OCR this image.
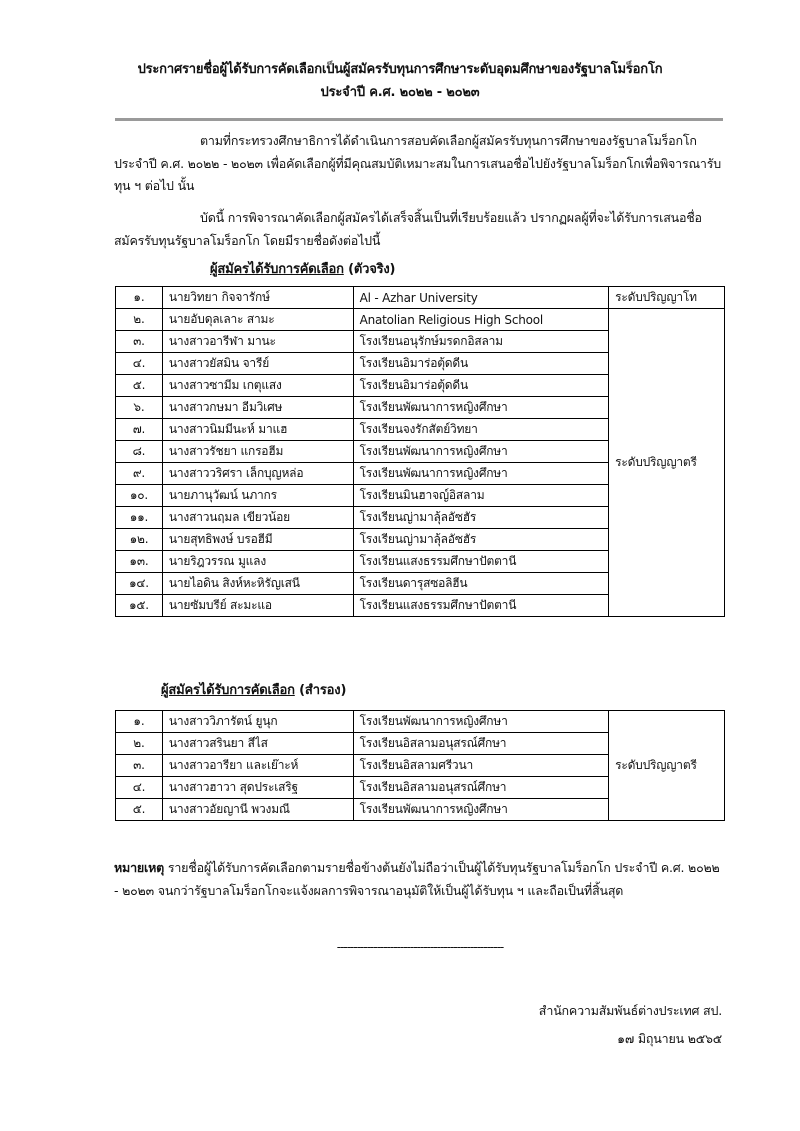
ประกาศรายชื่อผู้ได้รับการคัดเลือกเป็นผู้สมัครรับทุนการศึกษาระดับอุดมศึกษาของรัฐบาลโมร็อกโก
ประจำปี ค.ศ. ๒๐๒๒ - ๒๐๒๓
ตามที่กระทรวงศึกษาธิการได้ดำเนินการสอบคัดเลือกผู้สมัครรับทุนการศึกษาของรัฐบาลโมร็อกโก ประจำปี ค.ศ. ๒๐๒๒ - ๒๐๒๓ เพื่อคัดเลือกผู้ที่มีคุณสมบัติเหมาะสมในการเสนอชื่อไปยังรัฐบาลโมร็อกโกเพื่อพิจารณารับทุน ฯ ต่อไป นั้น
บัดนี้ การพิจารณาคัดเลือกผู้สมัครได้เสร็จสิ้นเป็นที่เรียบร้อยแล้ว ปรากฏผลผู้ที่จะได้รับการเสนอชื่อสมัครรับทุนรัฐบาลโมร็อกโก โดยมีรายชื่อดังต่อไปนี้
ผู้สมัครได้รับการคัดเลือก (ตัวจริง)
๑.	นายวิทยา กิจจารักษ์	Al - Azhar University	ระดับปริญญาโท
๒.	นายอับดุลเลาะ สามะ	Anatolian Religious High School	ระดับปริญญาตรี
๓.	นางสาวอารีฬา มานะ	โรงเรียนอนุรักษ์มรดกอิสลาม	
๔.	นางสาวยัสมิน จารีย์	โรงเรียนอิมาร่อตุ้ดดีน	
๕.	นางสาวซามีม เกตุแสง	โรงเรียนอิมาร่อตุ้ดดีน	
๖.	นางสาวกษมา อีมวิเศษ	โรงเรียนพัฒนาการหญิงศึกษา	
๗.	นางสาวนิมมีนะห์ มาแฮ	โรงเรียนจงรักสัตย์วิทยา	
๘.	นางสาวรัชยา แกรอฮีม	โรงเรียนพัฒนาการหญิงศึกษา	
๙.	นางสาววริศรา เล็กบุญหล่อ	โรงเรียนพัฒนาการหญิงศึกษา	
๑๐.	นายภานุวัฒน์ นภากร	โรงเรียนมินฮาจญ์อิสลาม	
๑๑.	นางสาวนฤมล เขียวน้อย	โรงเรียนญ่ามาลุ้ลอัซฮัร	
๑๒.	นายสุทธิพงษ์ บรอฮีมี	โรงเรียนญ่ามาลุ้ลอัซฮัร	
๑๓.	นายริฎวรรณ มูแลง	โรงเรียนแสงธรรมศึกษาปัตตานี	
๑๔.	นายไอดิน สิงห์หะหิรัญเสนี	โรงเรียนดารุสซอลิฮีน	
๑๕.	นายซัมบรีย์ สะมะแอ	โรงเรียนแสงธรรมศึกษาปัตตานี	
ผู้สมัครได้รับการคัดเลือก (สำรอง)
๑.	นางสาววิภารัตน์ ยูนุก	โรงเรียนพัฒนาการหญิงศึกษา	ระดับปริญญาตรี
๒.	นางสาวสรินยา สีไส	โรงเรียนอิสลามอนุสรณ์ศึกษา	
๓.	นางสาวอารียา และเย๊าะห์	โรงเรียนอิสลามศรีวนา	
๔.	นางสาวฮาวา สุดประเสริฐ	โรงเรียนอิสลามอนุสรณ์ศึกษา	
๕.	นางสาวอัยญานี พวงมณี	โรงเรียนพัฒนาการหญิงศึกษา	
หมายเหตุ รายชื่อผู้ได้รับการคัดเลือกตามรายชื่อข้างต้นยังไม่ถือว่าเป็นผู้ได้รับทุนรัฐบาลโมร็อกโก ประจำปี ค.ศ. ๒๐๒๒ - ๒๐๒๓ จนกว่ารัฐบาลโมร็อกโกจะแจ้งผลการพิจารณาอนุมัติให้เป็นผู้ได้รับทุน ฯ และถือเป็นที่สิ้นสุด
--------------------------------------------------
สำนักความสัมพันธ์ต่างประเทศ สป.
๑๗ มิถุนายน ๒๕๖๕
